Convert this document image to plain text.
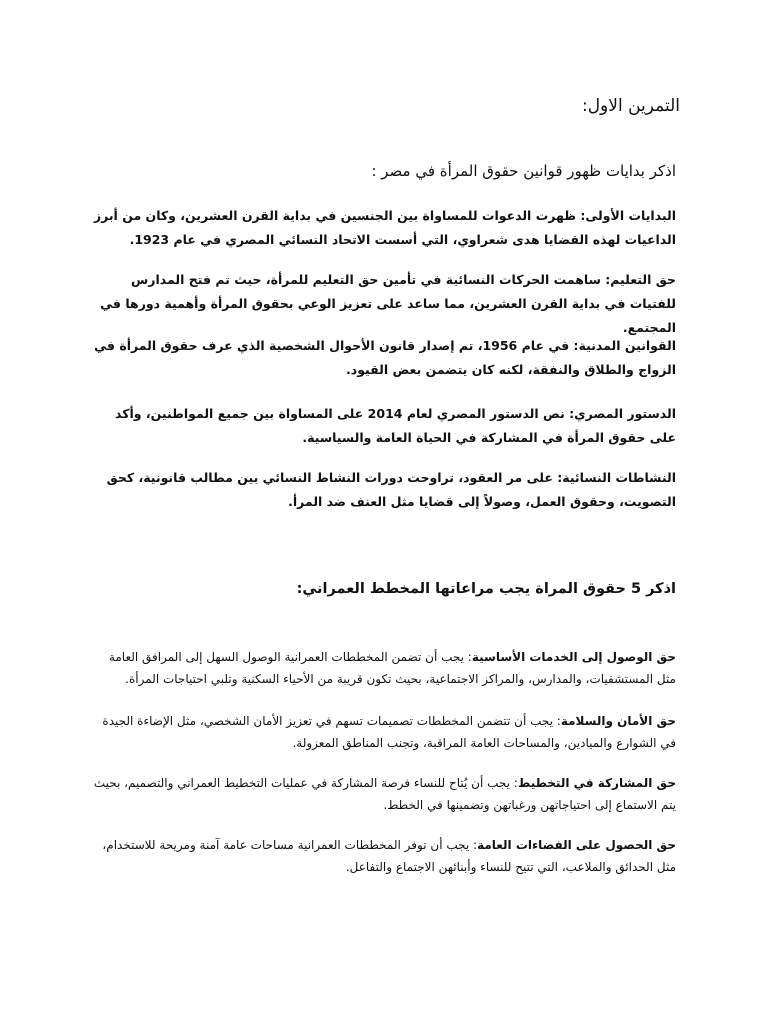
التمرين الاول:
اذكر بدايات ظهور قوانين حقوق المرأة في مصر :
البدايات الأولى: ظهرت الدعوات للمساواة بين الجنسين في بداية القرن العشرين، وكان من أبرز الداعيات لهذه القضايا هدى شعراوي، التي أسست الاتحاد النسائي المصري في عام 1923.
حق التعليم: ساهمت الحركات النسائية في تأمين حق التعليم للمرأة، حيث تم فتح المدارس للفتيات في بداية القرن العشرين، مما ساعد على تعزيز الوعي بحقوق المرأة وأهمية دورها في المجتمع.
القوانين المدنية: في عام 1956، تم إصدار قانون الأحوال الشخصية الذي عرف حقوق المرأة في الزواج والطلاق والنفقة، لكنه كان يتضمن بعض القيود.
الدستور المصري: نص الدستور المصري لعام 2014 على المساواة بين جميع المواطنين، وأكد على حقوق المرأة في المشاركة في الحياة العامة والسياسية.
النشاطات النسائية: على مر العقود، تراوحت دورات النشاط النسائي بين مطالب قانونية، كحق التصويت، وحقوق العمل، وصولاً إلى قضايا مثل العنف ضد المرأ.
اذكر 5 حقوق المراة يجب مراعاتها المخطط العمراني:
حق الوصول إلى الخدمات الأساسية: يجب أن تضمن المخططات العمرانية الوصول السهل إلى المرافق العامة مثل المستشفيات، والمدارس، والمراكز الاجتماعية، بحيث تكون قريبة من الأحياء السكنية وتلبي احتياجات المرأة.
حق الأمان والسلامة: يجب أن تتضمن المخططات تصميمات تسهم في تعزيز الأمان الشخصي، مثل الإضاءة الجيدة في الشوارع والميادين، والمساحات العامة المراقبة، وتجنب المناطق المعزولة.
حق المشاركة في التخطيط: يجب أن يُتاح للنساء فرصة المشاركة في عمليات التخطيط العمراني والتصميم، بحيث يتم الاستماع إلى احتياجاتهن ورغباتهن وتضمينها في الخطط.
حق الحصول على الفضاءات العامة: يجب أن توفر المخططات العمرانية مساحات عامة آمنة ومريحة للاستخدام، مثل الحدائق والملاعب، التي تتيح للنساء وأبنائهن الاجتماع والتفاعل.
